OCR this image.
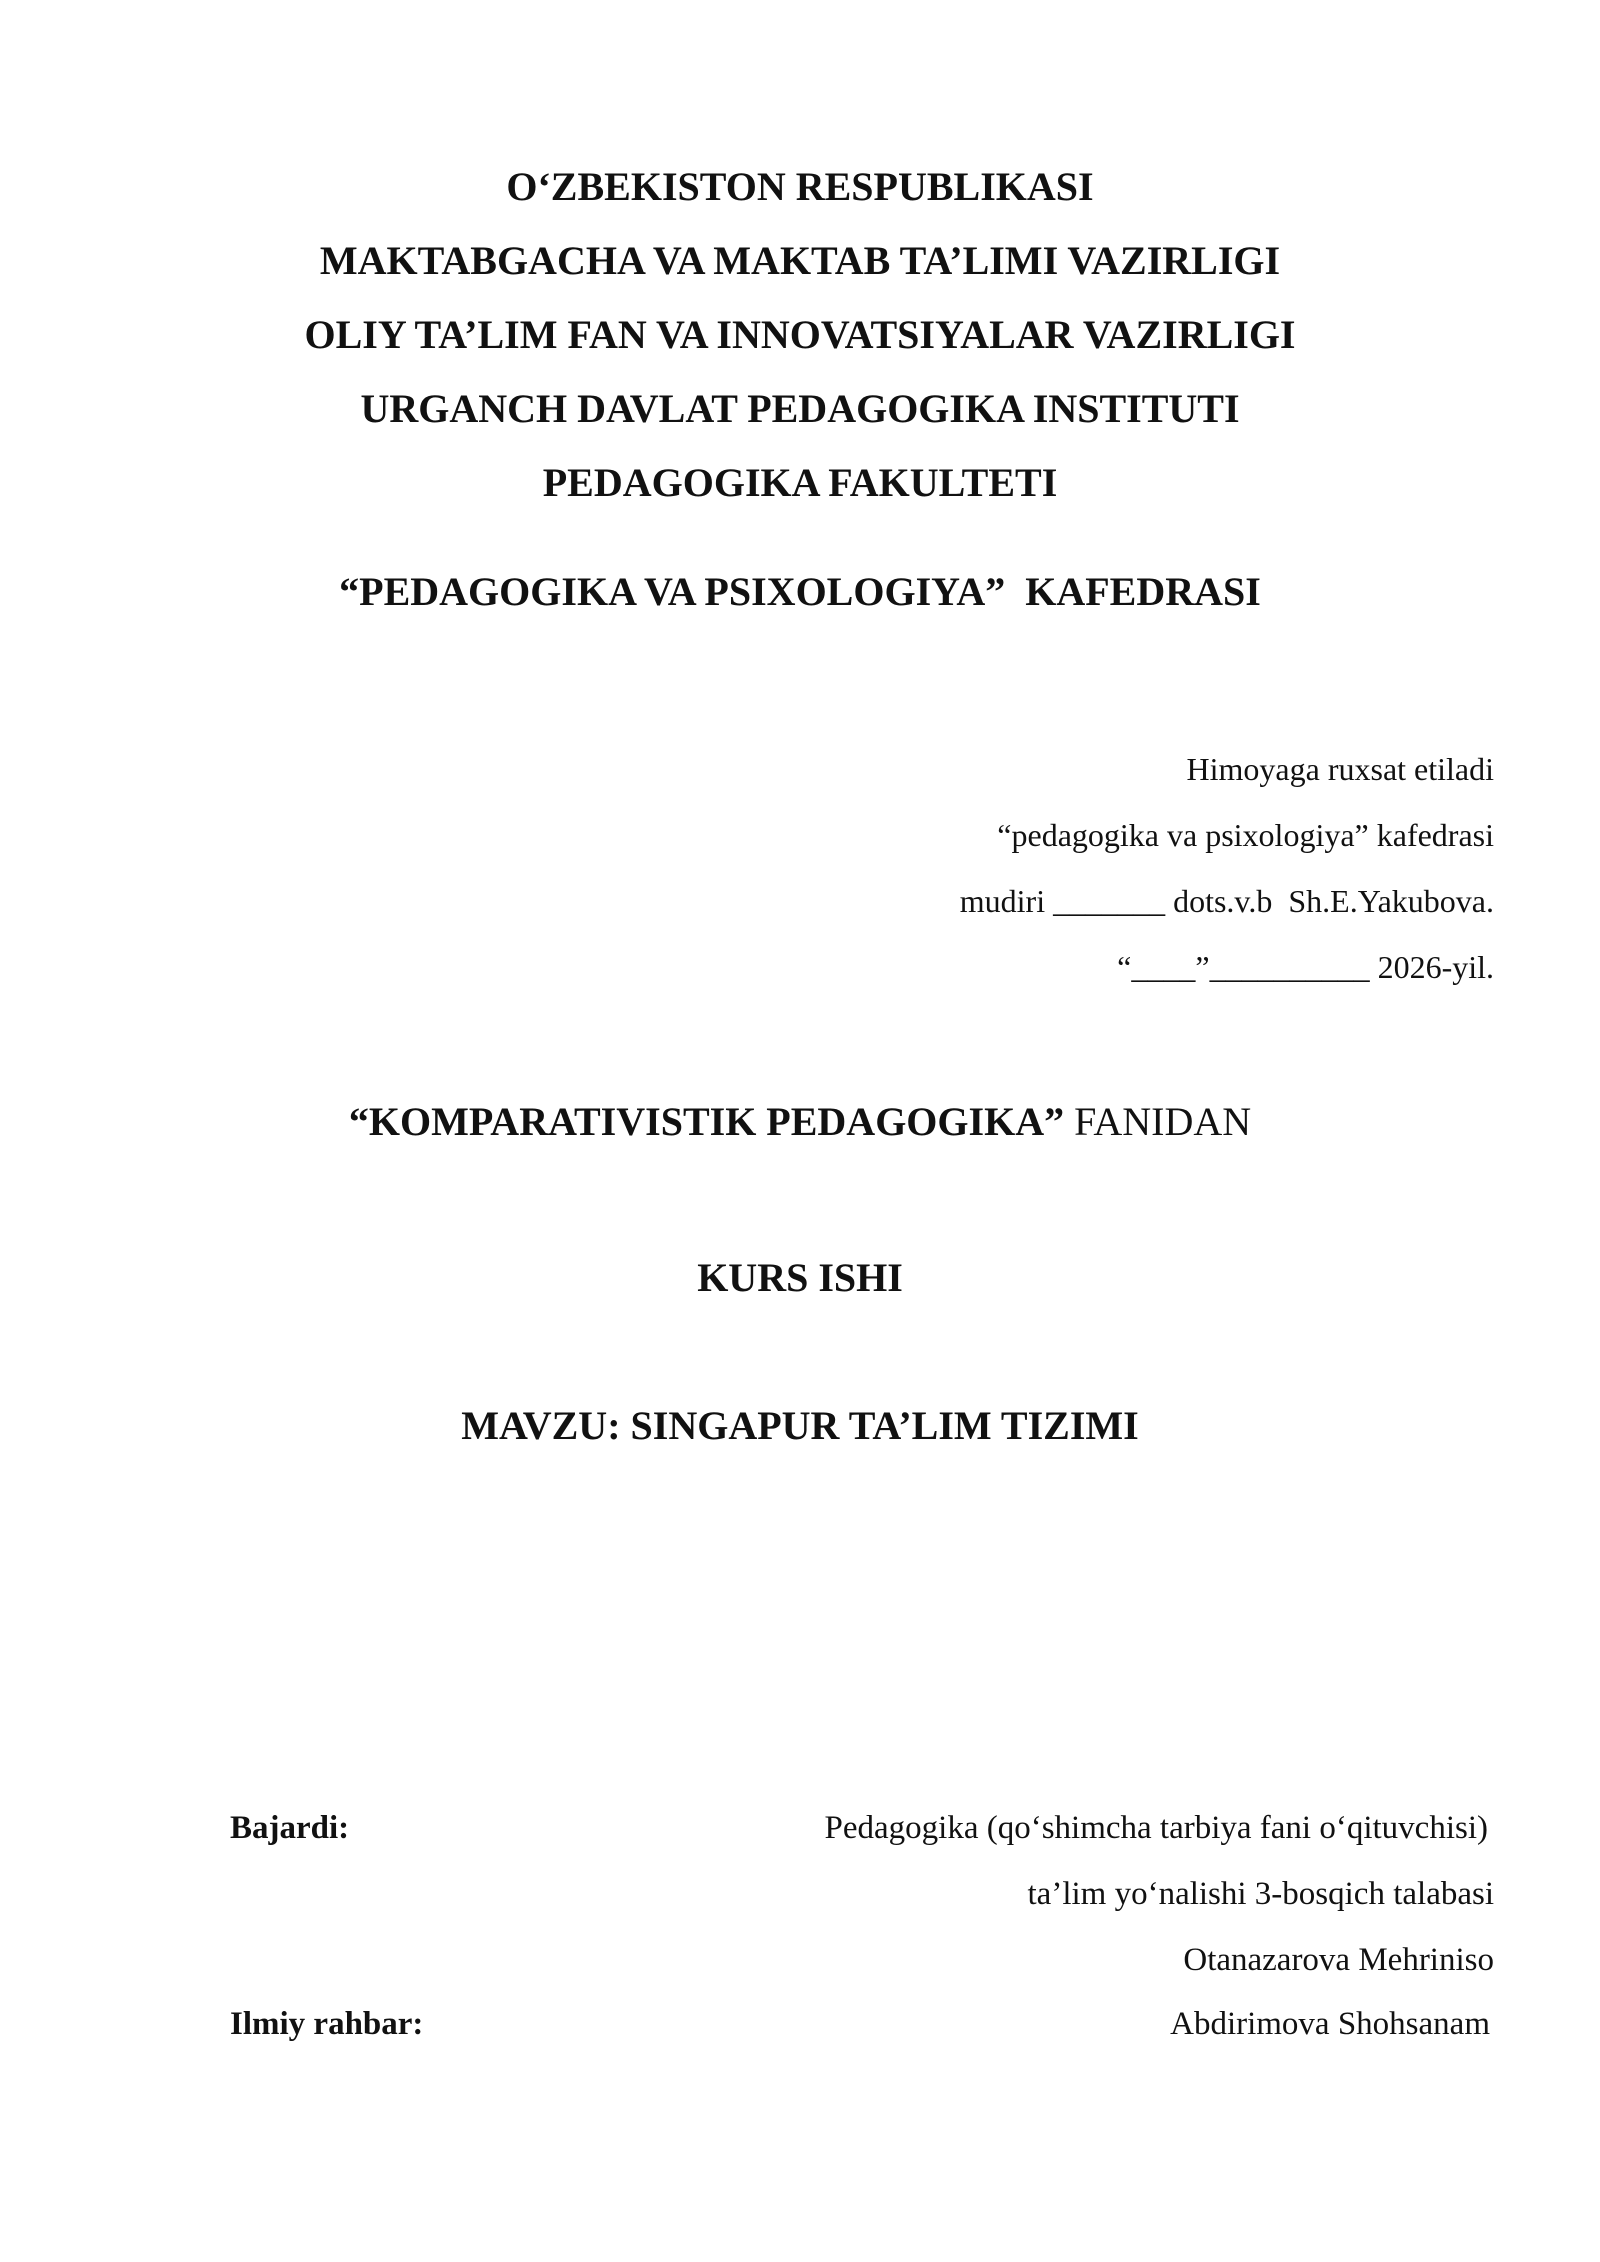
O‘ZBEKISTON RESPUBLIKASI

MAKTABGACHA VA MAKTAB TA’LIMI VAZIRLIGI

OLIY TA’LIM FAN VA INNOVATSIYALAR VAZIRLIGI

URGANCH DAVLAT PEDAGOGIKA INSTITUTI

PEDAGOGIKA FAKULTETI

“PEDAGOGIKA VA PSIXOLOGIYA”  KAFEDRASI
Himoyaga ruxsat etiladi
“pedagogika va psixologiya” kafedrasi
mudiri _______ dots.v.b  Sh.E.Yakubova.
“____”__________ 2026-yil.
“KOMPARATIVISTIK PEDAGOGIKA” FANIDAN
KURS ISHI
MAVZU: SINGAPUR TA’LIM TIZIMI
Bajardi:	Pedagogika (qo‘shimcha tarbiya fani o‘qituvchisi)
ta’lim yo‘nalishi 3-bosqich talabasi
Otanazarova Mehriniso
Ilmiy rahbar:	Abdirimova Shohsanam
